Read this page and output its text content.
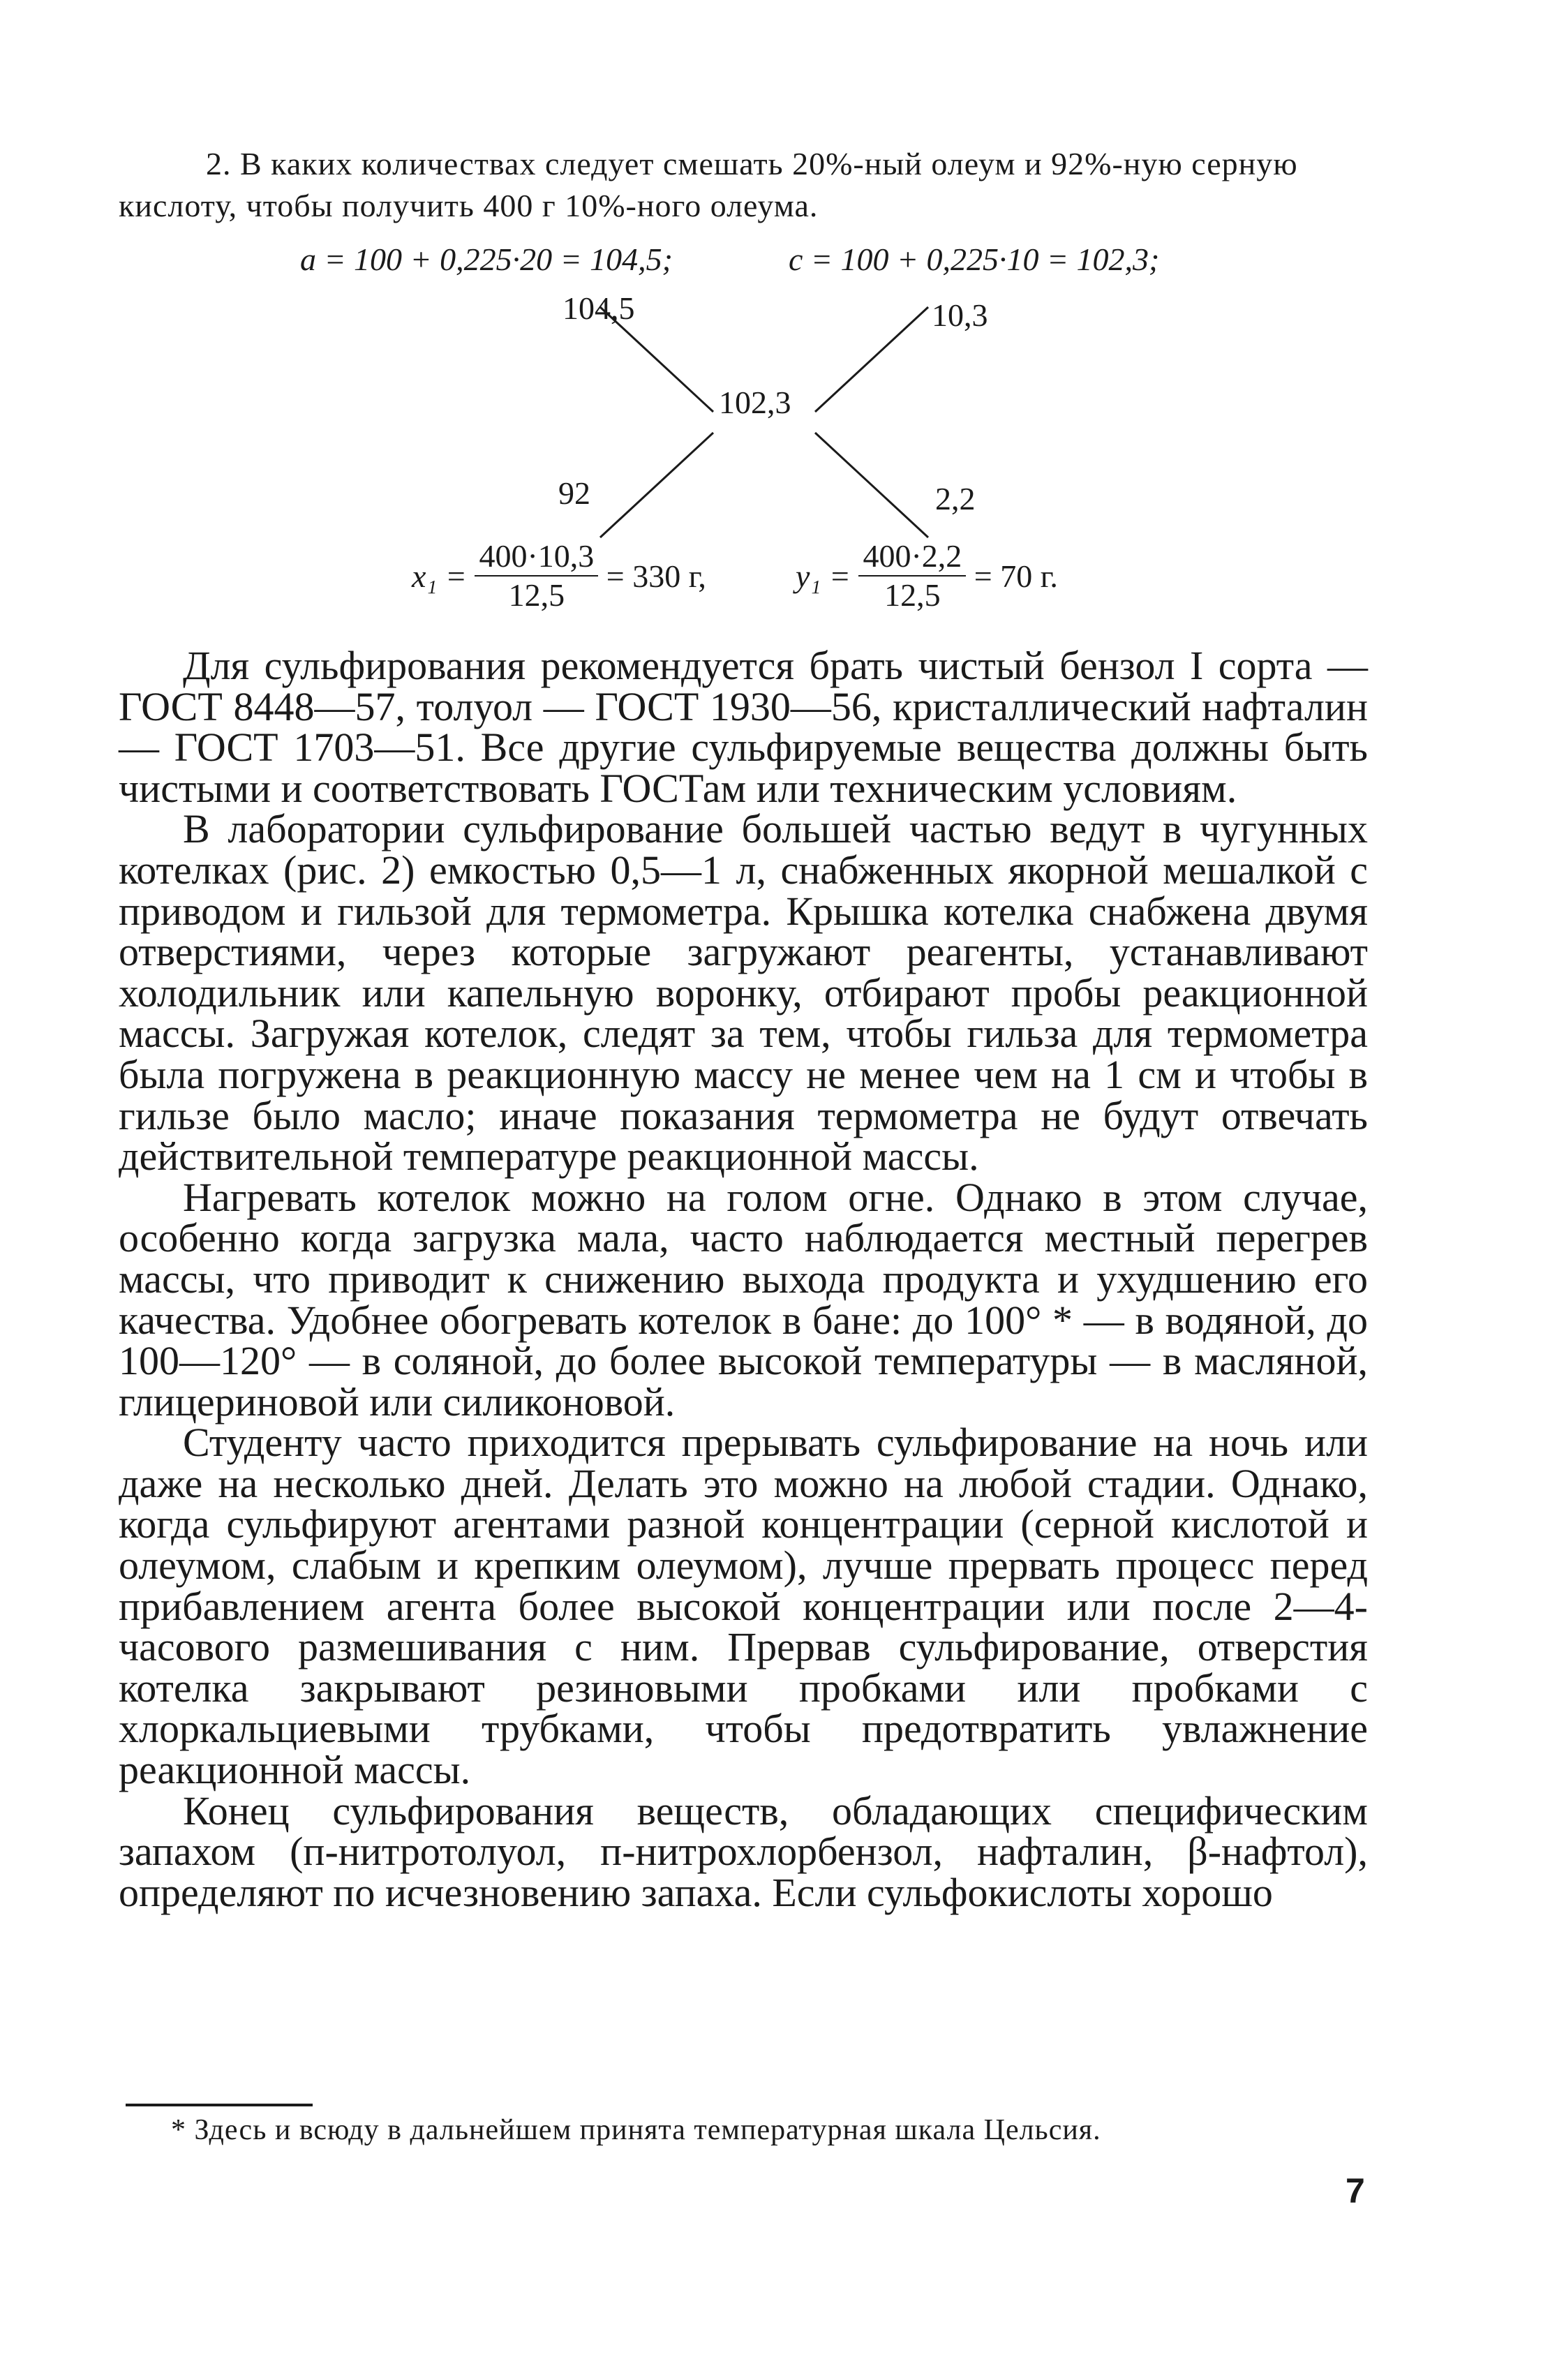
2. В каких количествах следует смешать 20%-ный олеум и 92%-ную серную кислоту, чтобы получить 400 г 10%-ного олеума.
а = 100 + 0,225·20 = 104,5;	с = 100 + 0,225·10 = 102,3;
104,5	10,3
102,3
92	2,2
$x_1 = \frac{400\cdot 10,3}{12,5} = 330$ г,	$y_1 = \frac{400\cdot 2,2}{12,5} = 70$ г.

Для сульфирования рекомендуется брать чистый бензол I сорта — ГОСТ 8448—57, толуол — ГОСТ 1930—56, кристаллический нафталин — ГОСТ 1703—51. Все другие сульфируемые вещества должны быть чистыми и соответствовать ГОСТам или техническим условиям.

В лаборатории сульфирование большей частью ведут в чугунных котелках (рис. 2) емкостью 0,5—1 л, снабженных якорной мешалкой с приводом и гильзой для термометра. Крышка котелка снабжена двумя отверстиями, через которые загружают реагенты, устанавливают холодильник или капельную воронку, отбирают пробы реакционной массы. Загружая котелок, следят за тем, чтобы гильза для термометра была погружена в реакционную массу не менее чем на 1 см и чтобы в гильзе было масло; иначе показания термометра не будут отвечать действительной температуре реакционной массы.

Нагревать котелок можно на голом огне. Однако в этом случае, особенно когда загрузка мала, часто наблюдается местный перегрев массы, что приводит к снижению выхода продукта и ухудшению его качества. Удобнее обогревать котелок в бане: до 100° * — в водяной, до 100—120° — в соляной, до более высокой температуры — в масляной, глицериновой или силиконовой.

Студенту часто приходится прерывать сульфирование на ночь или даже на несколько дней. Делать это можно на любой стадии. Однако, когда сульфируют агентами разной концентрации (серной кислотой и олеумом, слабым и крепким олеумом), лучше прервать процесс перед прибавлением агента более высокой концентрации или после 2—4-часового размешивания с ним. Прервав сульфирование, отверстия котелка закрывают резиновыми пробками или пробками с хлоркальциевыми трубками, чтобы предотвратить увлажнение реакционной массы.

Конец сульфирования веществ, обладающих специфическим запахом (п-нитротолуол, п-нитрохлорбензол, нафталин, β-нафтол), определяют по исчезновению запаха. Если сульфокислоты хорошо

* Здесь и всюду в дальнейшем принята температурная шкала Цельсия.
7
